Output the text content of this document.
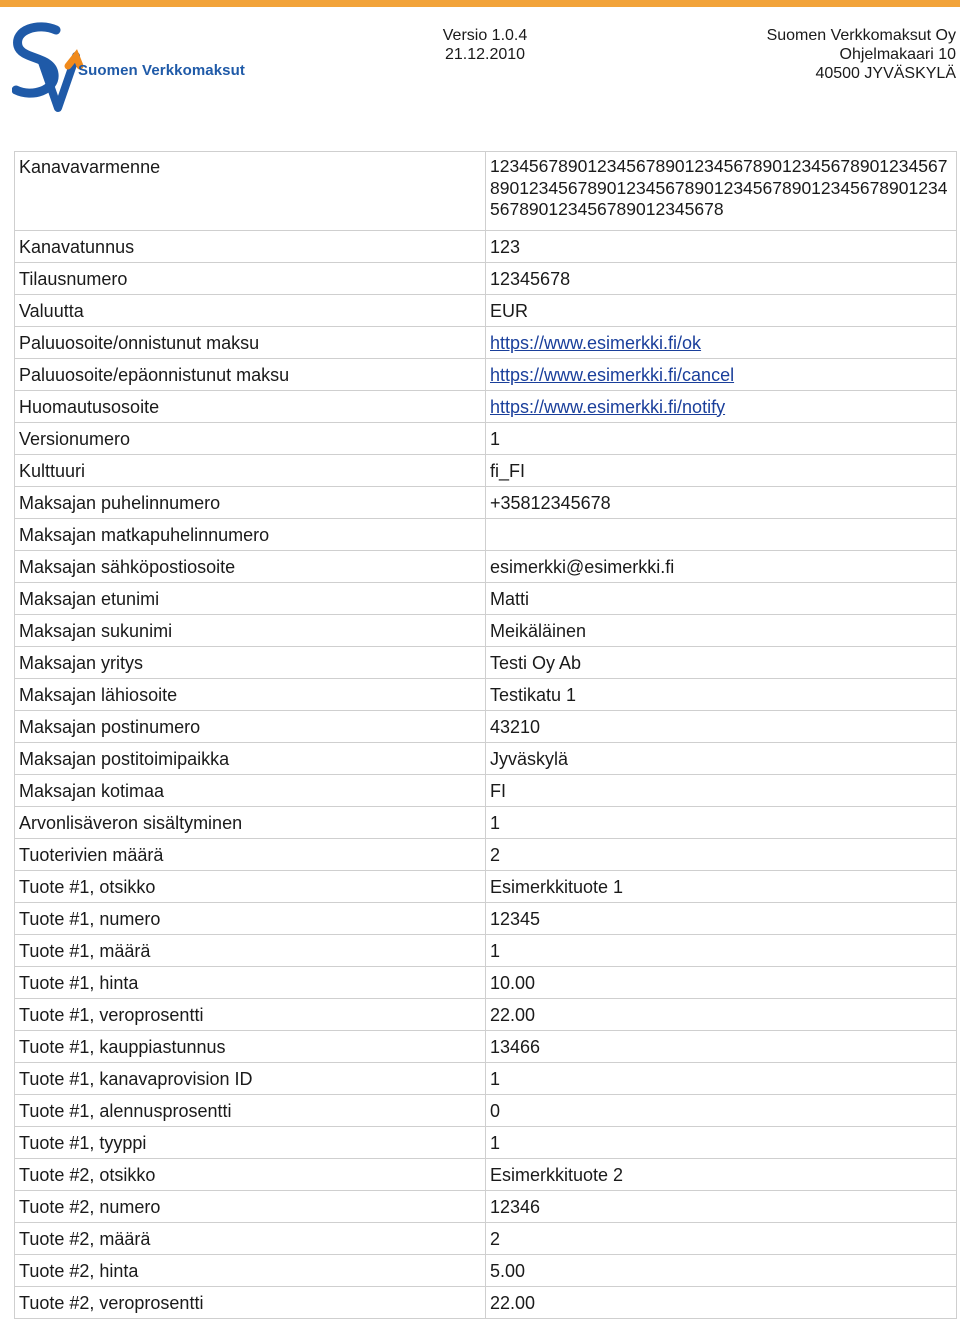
Suomen Verkkomaksut
Versio 1.0.4
21.12.2010
Suomen Verkkomaksut Oy
Ohjelmakaari 10
40500 JYVÄSKYLÄ
Kanavavarmenne	1234567890123456789012345678901234567890123456789012345678901234567890123456789012345678901234567890123456789012345678
Kanavatunnus	123
Tilausnumero	12345678
Valuutta	EUR
Paluuosoite/onnistunut maksu	https://www.esimerkki.fi/ok
Paluuosoite/epäonnistunut maksu	https://www.esimerkki.fi/cancel
Huomautusosoite	https://www.esimerkki.fi/notify
Versionumero	1
Kulttuuri	fi_FI
Maksajan puhelinnumero	+35812345678
Maksajan matkapuhelinnumero	
Maksajan sähköpostiosoite	esimerkki@esimerkki.fi
Maksajan etunimi	Matti
Maksajan sukunimi	Meikäläinen
Maksajan yritys	Testi Oy Ab
Maksajan lähiosoite	Testikatu 1
Maksajan postinumero	43210
Maksajan postitoimipaikka	Jyväskylä
Maksajan kotimaa	FI
Arvonlisäveron sisältyminen	1
Tuoterivien määrä	2
Tuote #1, otsikko	Esimerkkituote 1
Tuote #1, numero	12345
Tuote #1, määrä	1
Tuote #1, hinta	10.00
Tuote #1, veroprosentti	22.00
Tuote #1, kauppiastunnus	13466
Tuote #1, kanavaprovision ID	1
Tuote #1, alennusprosentti	0
Tuote #1, tyyppi	1
Tuote #2, otsikko	Esimerkkituote 2
Tuote #2, numero	12346
Tuote #2, määrä	2
Tuote #2, hinta	5.00
Tuote #2, veroprosentti	22.00
